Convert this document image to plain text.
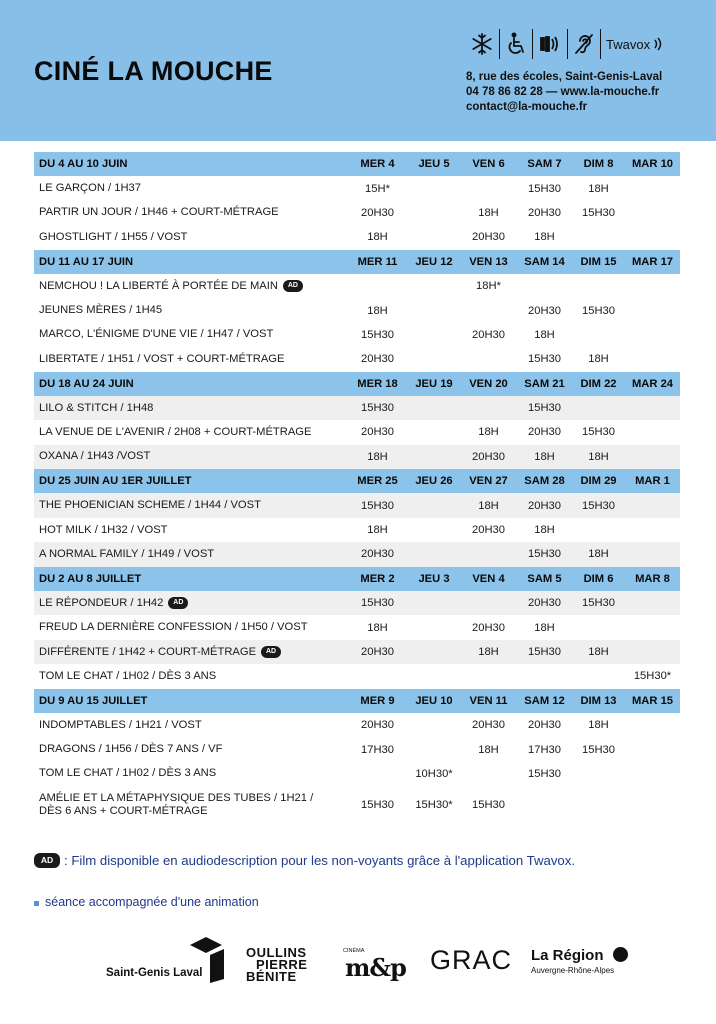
CINÉ LA MOUCHE
Twavox
8, rue des écoles, Saint-Genis-Laval
04 78 86 82 28 — www.la-mouche.fr
contact@la-mouche.fr
DU 4 AU 10 JUIN	MER 4	JEU 5	VEN 6	SAM 7	DIM 8	MAR 10

LE GARÇON / 1H37	15H*			15H30	18H	

PARTIR UN JOUR / 1H46 + COURT-MÉTRAGE	20H30		18H	20H30	15H30	

GHOSTLIGHT / 1H55 / VOST	18H		20H30	18H		
DU 11 AU 17 JUIN	MER 11	JEU 12	VEN 13	SAM 14	DIM 15	MAR 17

NEMCHOU ! LA LIBERTÉ À PORTÉE DE MAIN AD			18H*			

JEUNES MÈRES / 1H45	18H			20H30	15H30	

MARCO, L'ÉNIGME D'UNE VIE / 1H47 / VOST	15H30		20H30	18H		

LIBERTATE / 1H51 / VOST + COURT-MÉTRAGE	20H30			15H30	18H	
DU 18 AU 24 JUIN	MER 18	JEU 19	VEN 20	SAM 21	DIM 22	MAR 24

LILO & STITCH / 1H48	15H30			15H30		

LA VENUE DE L'AVENIR / 2H08 + COURT-MÉTRAGE	20H30		18H	20H30	15H30	

OXANA / 1H43 /VOST	18H		20H30	18H	18H	
DU 25 JUIN AU 1ER JUILLET	MER 25	JEU 26	VEN 27	SAM 28	DIM 29	MAR 1

THE PHOENICIAN SCHEME / 1H44 / VOST	15H30		18H	20H30	15H30	

HOT MILK / 1H32 / VOST	18H		20H30	18H		

A NORMAL FAMILY / 1H49 / VOST	20H30			15H30	18H	
DU 2 AU 8 JUILLET	MER 2	JEU 3	VEN 4	SAM 5	DIM 6	MAR 8

LE RÉPONDEUR / 1H42 AD	15H30			20H30	15H30	

FREUD LA DERNIÈRE CONFESSION / 1H50 / VOST	18H		20H30	18H		

DIFFÉRENTE / 1H42 + COURT-MÉTRAGE AD	20H30		18H	15H30	18H	

TOM LE CHAT / 1H02 / DÈS 3 ANS						15H30*
DU 9 AU 15 JUILLET	MER 9	JEU 10	VEN 11	SAM 12	DIM 13	MAR 15

INDOMPTABLES / 1H21 / VOST	20H30		20H30	20H30	18H	

DRAGONS / 1H56 / DÈS 7 ANS / VF	17H30		18H	17H30	15H30	

TOM LE CHAT / 1H02 / DÈS 3 ANS		10H30*		15H30		

AMÉLIE ET LA MÉTAPHYSIQUE DES TUBES / 1H21 / DÈS 6 ANS + COURT-MÉTRAGE	15H30	15H30*	15H30			
AD : Film disponible en audiodescription pour les non-voyants grâce à l'application Twavox.
séance accompagnée d'une animation
Saint-Genis Laval
OULLINS
PIERRE
BÉNITE
CINÉMA
m&p GRAC La Région
Auvergne-Rhône-Alpes
